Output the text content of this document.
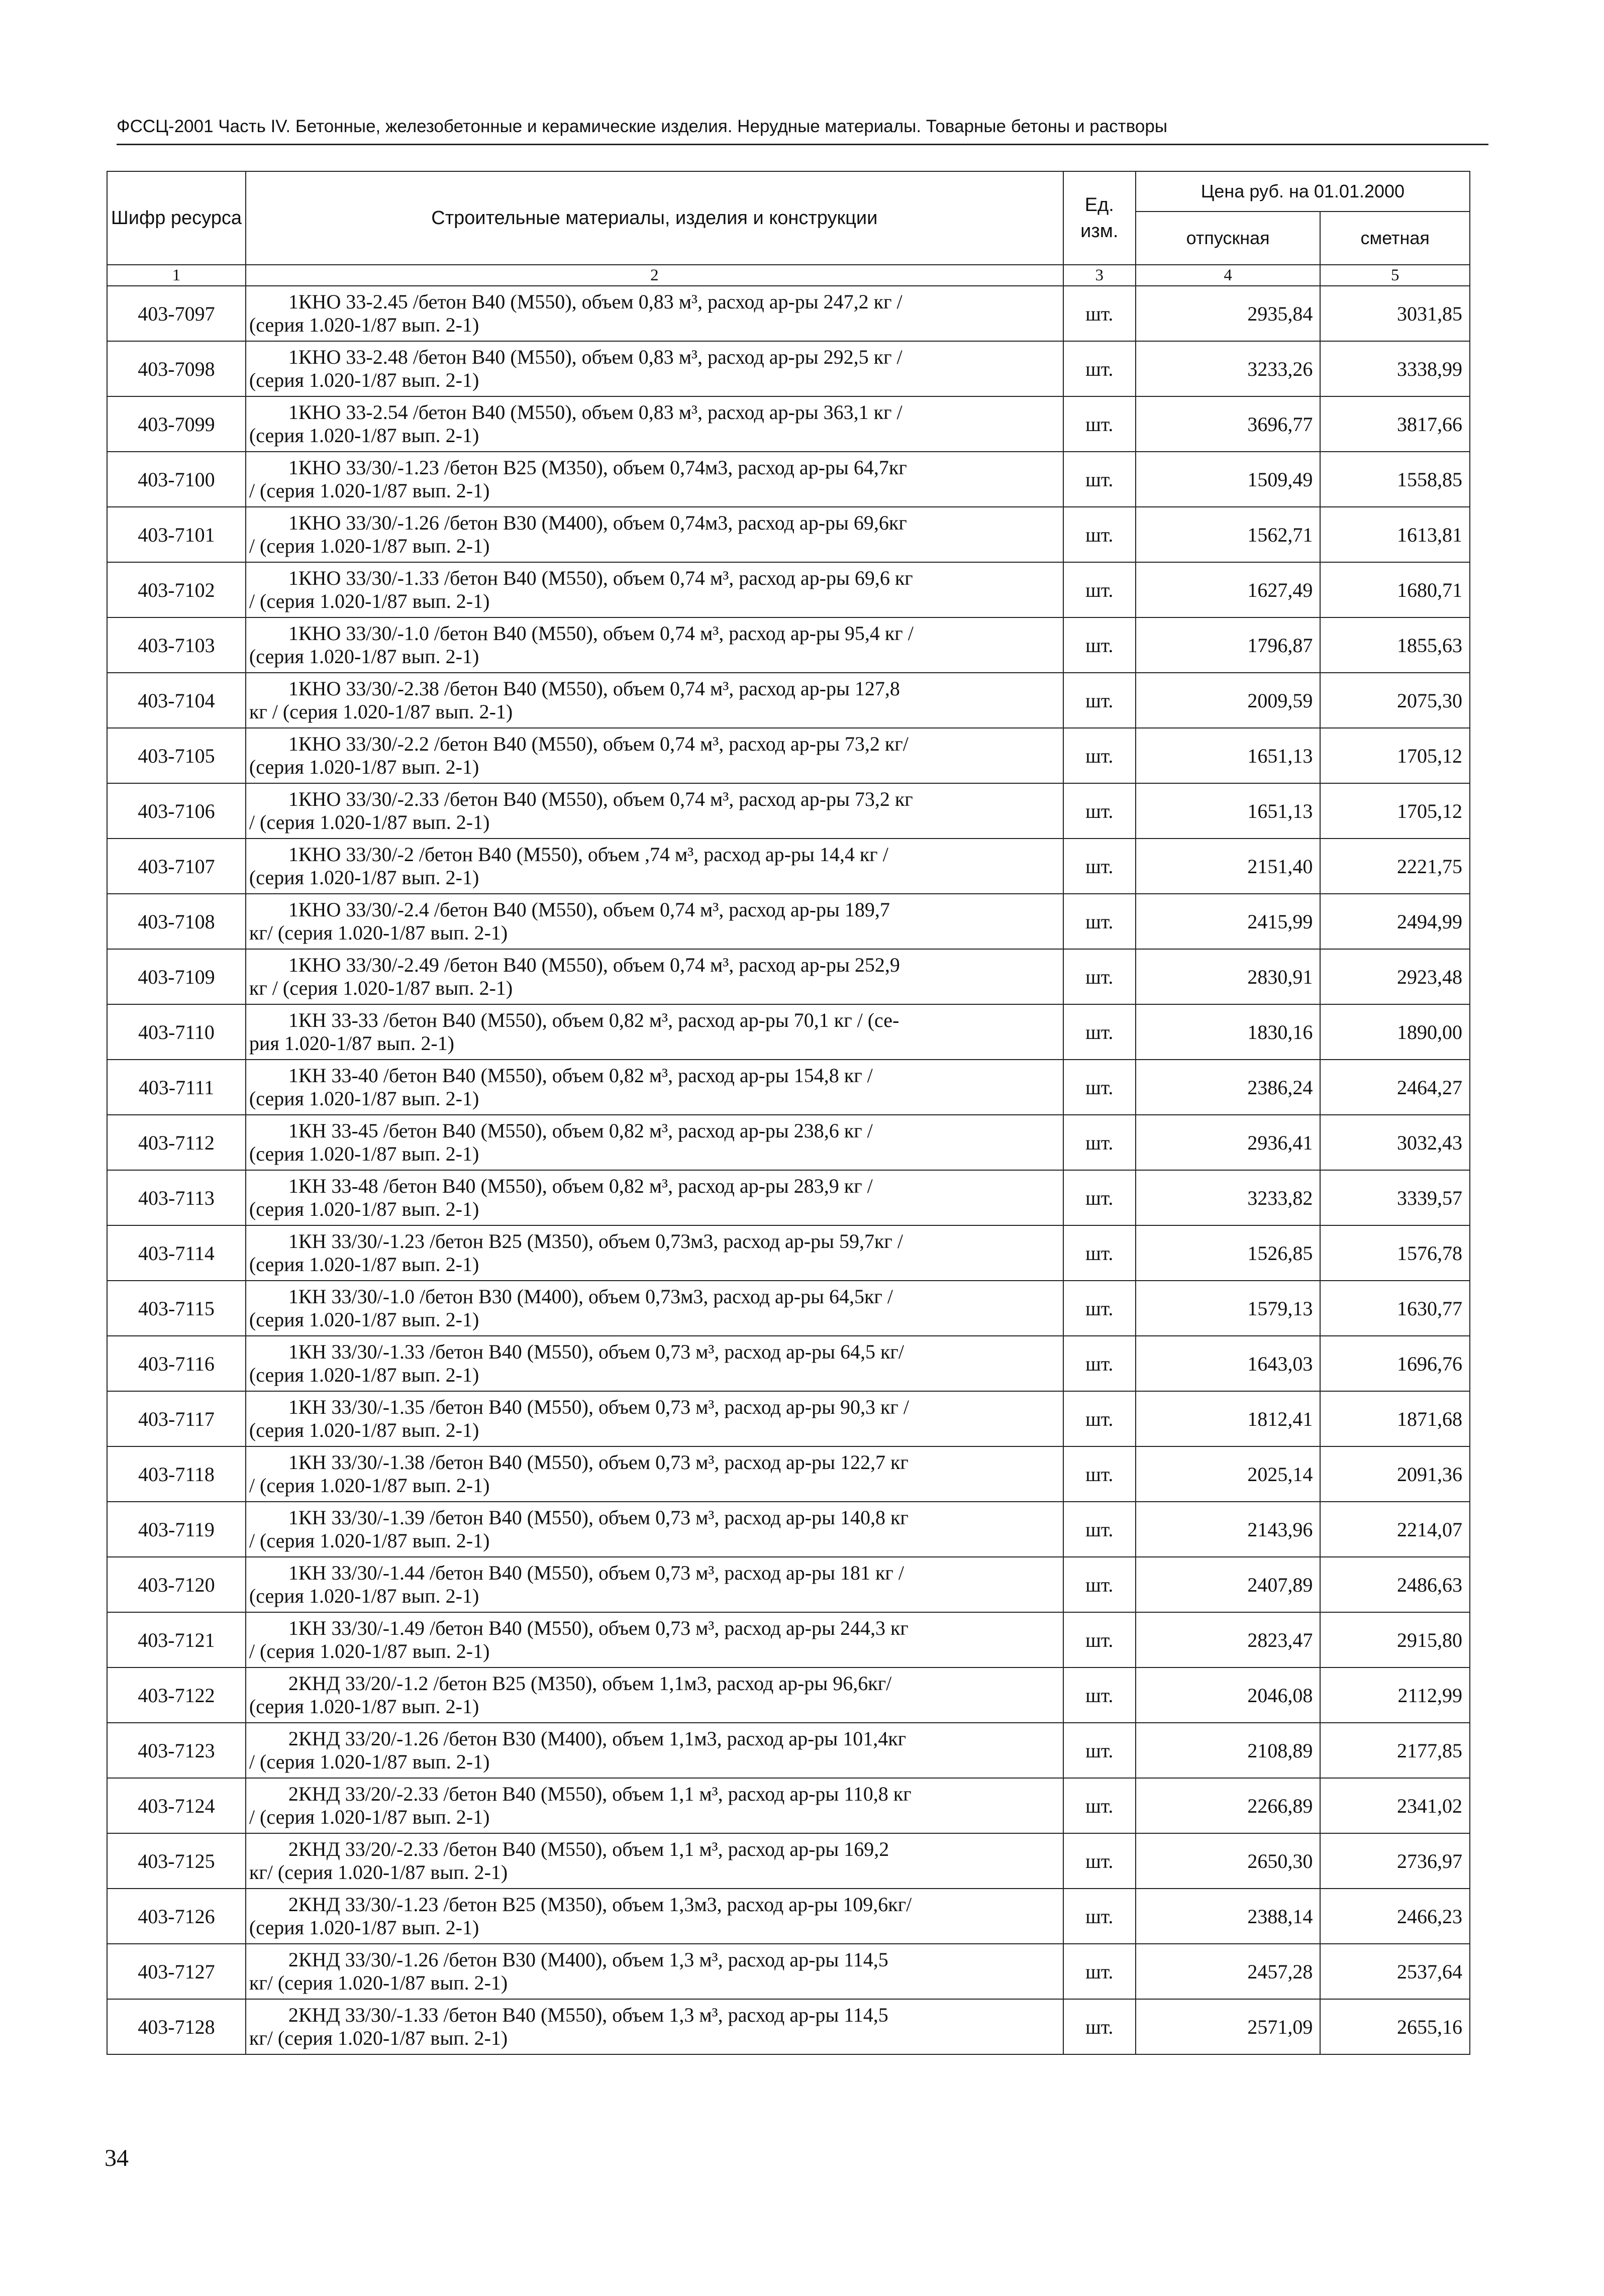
ФССЦ-2001 Часть IV. Бетонные, железобетонные и керамические изделия. Нерудные материалы. Товарные бетоны и растворы
Шифр ресурса	Строительные материалы, изделия и конструкции	Ед. изм.	Цена руб. на 01.01.2000	
			отпускная	сметная
1	2	3	4	5
403-7097	1КНО 33-2.45 /бетон В40 (М550), объем 0,83 м³, расход ар-ры 247,2 кг /
(серия 1.020-1/87 вып. 2-1)	шт.	2935,84	3031,85
403-7098	1КНО 33-2.48 /бетон В40 (М550), объем 0,83 м³, расход ар-ры 292,5 кг /
(серия 1.020-1/87 вып. 2-1)	шт.	3233,26	3338,99
403-7099	1КНО 33-2.54 /бетон В40 (М550), объем 0,83 м³, расход ар-ры 363,1 кг /
(серия 1.020-1/87 вып. 2-1)	шт.	3696,77	3817,66
403-7100	1КНО 33/30/-1.23 /бетон В25 (М350), объем 0,74м3, расход ар-ры 64,7кг
/ (серия 1.020-1/87 вып. 2-1)	шт.	1509,49	1558,85
403-7101	1КНО 33/30/-1.26 /бетон В30 (М400), объем 0,74м3, расход ар-ры 69,6кг
/ (серия 1.020-1/87 вып. 2-1)	шт.	1562,71	1613,81
403-7102	1КНО 33/30/-1.33 /бетон В40 (М550), объем 0,74 м³, расход ар-ры 69,6 кг
/ (серия 1.020-1/87 вып. 2-1)	шт.	1627,49	1680,71
403-7103	1КНО 33/30/-1.0 /бетон В40 (М550), объем 0,74 м³, расход ар-ры 95,4 кг /
(серия 1.020-1/87 вып. 2-1)	шт.	1796,87	1855,63
403-7104	1КНО 33/30/-2.38 /бетон В40 (М550), объем 0,74 м³, расход ар-ры 127,8
кг / (серия 1.020-1/87 вып. 2-1)	шт.	2009,59	2075,30
403-7105	1КНО 33/30/-2.2 /бетон В40 (М550), объем 0,74 м³, расход ар-ры 73,2 кг/
(серия 1.020-1/87 вып. 2-1)	шт.	1651,13	1705,12
403-7106	1КНО 33/30/-2.33 /бетон В40 (М550), объем 0,74 м³, расход ар-ры 73,2 кг
/ (серия 1.020-1/87 вып. 2-1)	шт.	1651,13	1705,12
403-7107	1КНО 33/30/-2 /бетон В40 (М550), объем ,74 м³, расход ар-ры 14,4 кг /
(серия 1.020-1/87 вып. 2-1)	шт.	2151,40	2221,75
403-7108	1КНО 33/30/-2.4 /бетон В40 (М550), объем 0,74 м³, расход ар-ры 189,7
кг/ (серия 1.020-1/87 вып. 2-1)	шт.	2415,99	2494,99
403-7109	1КНО 33/30/-2.49 /бетон В40 (М550), объем 0,74 м³, расход ар-ры 252,9
кг / (серия 1.020-1/87 вып. 2-1)	шт.	2830,91	2923,48
403-7110	1КН 33-33 /бетон В40 (М550), объем 0,82 м³, расход ар-ры 70,1 кг / (се-
рия 1.020-1/87 вып. 2-1)	шт.	1830,16	1890,00
403-7111	1КН 33-40 /бетон В40 (М550), объем 0,82 м³, расход ар-ры 154,8 кг /
(серия 1.020-1/87 вып. 2-1)	шт.	2386,24	2464,27
403-7112	1КН 33-45 /бетон В40 (М550), объем 0,82 м³, расход ар-ры 238,6 кг /
(серия 1.020-1/87 вып. 2-1)	шт.	2936,41	3032,43
403-7113	1КН 33-48 /бетон В40 (М550), объем 0,82 м³, расход ар-ры 283,9 кг /
(серия 1.020-1/87 вып. 2-1)	шт.	3233,82	3339,57
403-7114	1КН 33/30/-1.23 /бетон В25 (М350), объем 0,73м3, расход ар-ры 59,7кг /
(серия 1.020-1/87 вып. 2-1)	шт.	1526,85	1576,78
403-7115	1КН 33/30/-1.0 /бетон В30 (М400), объем 0,73м3, расход ар-ры 64,5кг /
(серия 1.020-1/87 вып. 2-1)	шт.	1579,13	1630,77
403-7116	1КН 33/30/-1.33 /бетон В40 (М550), объем 0,73 м³, расход ар-ры 64,5 кг/
(серия 1.020-1/87 вып. 2-1)	шт.	1643,03	1696,76
403-7117	1КН 33/30/-1.35 /бетон В40 (М550), объем 0,73 м³, расход ар-ры 90,3 кг /
(серия 1.020-1/87 вып. 2-1)	шт.	1812,41	1871,68
403-7118	1КН 33/30/-1.38 /бетон В40 (М550), объем 0,73 м³, расход ар-ры 122,7 кг
/ (серия 1.020-1/87 вып. 2-1)	шт.	2025,14	2091,36
403-7119	1КН 33/30/-1.39 /бетон В40 (М550), объем 0,73 м³, расход ар-ры 140,8 кг
/ (серия 1.020-1/87 вып. 2-1)	шт.	2143,96	2214,07
403-7120	1КН 33/30/-1.44 /бетон В40 (М550), объем 0,73 м³, расход ар-ры 181 кг /
(серия 1.020-1/87 вып. 2-1)	шт.	2407,89	2486,63
403-7121	1КН 33/30/-1.49 /бетон В40 (М550), объем 0,73 м³, расход ар-ры 244,3 кг
/ (серия 1.020-1/87 вып. 2-1)	шт.	2823,47	2915,80
403-7122	2КНД 33/20/-1.2 /бетон В25 (М350), объем 1,1м3, расход ар-ры 96,6кг/
(серия 1.020-1/87 вып. 2-1)	шт.	2046,08	2112,99
403-7123	2КНД 33/20/-1.26 /бетон В30 (М400), объем 1,1м3, расход ар-ры 101,4кг
/ (серия 1.020-1/87 вып. 2-1)	шт.	2108,89	2177,85
403-7124	2КНД 33/20/-2.33 /бетон В40 (М550), объем 1,1 м³, расход ар-ры 110,8 кг
/ (серия 1.020-1/87 вып. 2-1)	шт.	2266,89	2341,02
403-7125	2КНД 33/20/-2.33 /бетон В40 (М550), объем 1,1 м³, расход ар-ры 169,2
кг/ (серия 1.020-1/87 вып. 2-1)	шт.	2650,30	2736,97
403-7126	2КНД 33/30/-1.23 /бетон В25 (М350), объем 1,3м3, расход ар-ры 109,6кг/
(серия 1.020-1/87 вып. 2-1)	шт.	2388,14	2466,23
403-7127	2КНД 33/30/-1.26 /бетон В30 (М400), объем 1,3 м³, расход ар-ры 114,5
кг/ (серия 1.020-1/87 вып. 2-1)	шт.	2457,28	2537,64
403-7128	2КНД 33/30/-1.33 /бетон В40 (М550), объем 1,3 м³, расход ар-ры 114,5
кг/ (серия 1.020-1/87 вып. 2-1)	шт.	2571,09	2655,16
34
